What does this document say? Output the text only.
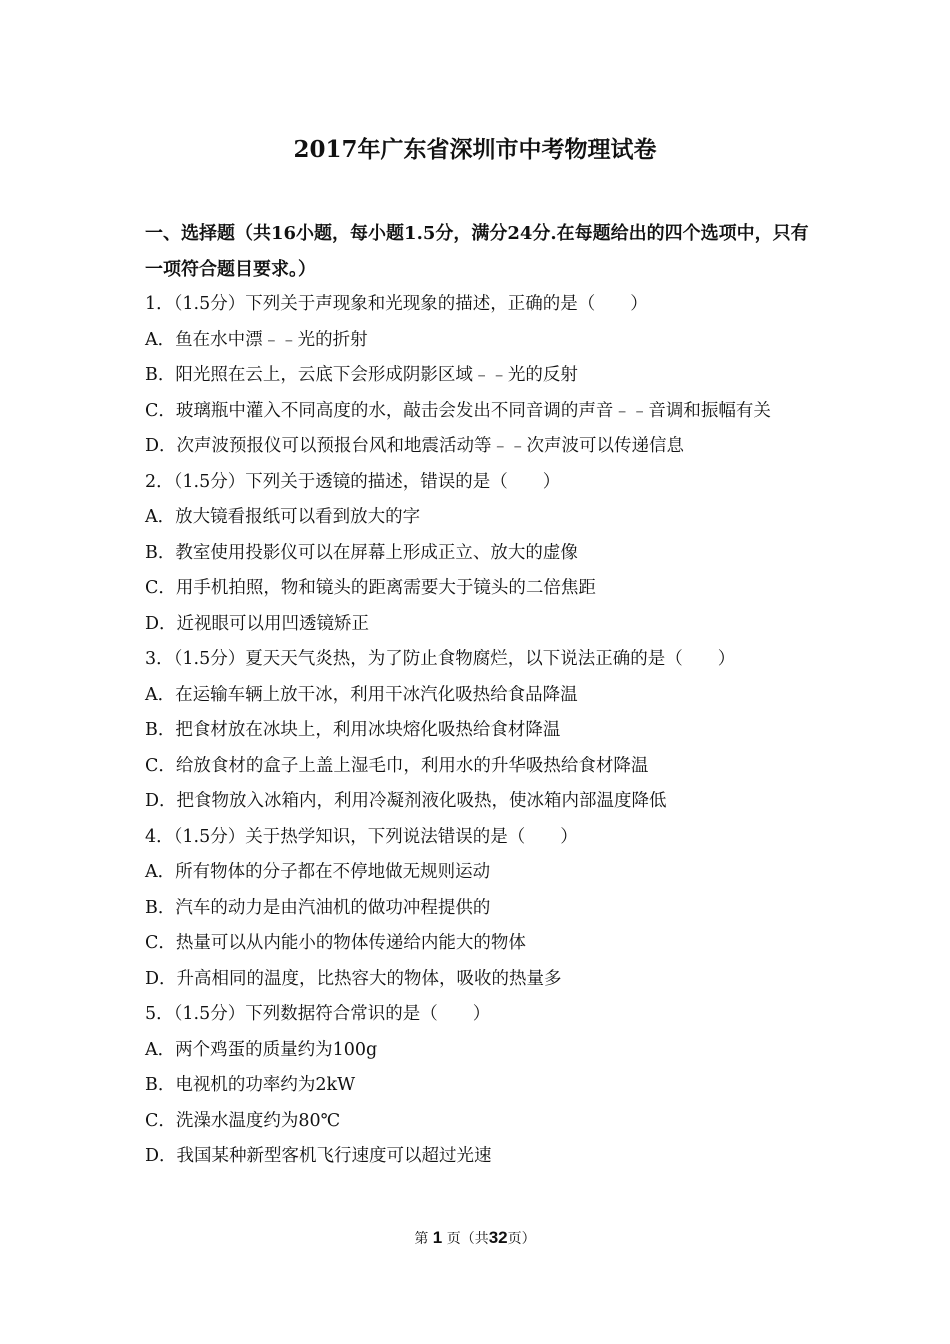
2017年广东省深圳市中考物理试卷
一、选择题（共16小题，每小题1.5分，满分24分.在每题给出的四个选项中，只有一项符合题目要求。）
1．（1.5分）下列关于声现象和光现象的描述，正确的是（　　）
A．鱼在水中漂﹣﹣光的折射
B．阳光照在云上，云底下会形成阴影区域﹣﹣光的反射
C．玻璃瓶中灌入不同高度的水，敲击会发出不同音调的声音﹣﹣音调和振幅有关
D．次声波预报仪可以预报台风和地震活动等﹣﹣次声波可以传递信息
2．（1.5分）下列关于透镜的描述，错误的是（　　）
A．放大镜看报纸可以看到放大的字
B．教室使用投影仪可以在屏幕上形成正立、放大的虚像
C．用手机拍照，物和镜头的距离需要大于镜头的二倍焦距
D．近视眼可以用凹透镜矫正
3．（1.5分）夏天天气炎热，为了防止食物腐烂，以下说法正确的是（　　）
A．在运输车辆上放干冰，利用干冰汽化吸热给食品降温
B．把食材放在冰块上，利用冰块熔化吸热给食材降温
C．给放食材的盒子上盖上湿毛巾，利用水的升华吸热给食材降温
D．把食物放入冰箱内，利用冷凝剂液化吸热，使冰箱内部温度降低
4．（1.5分）关于热学知识，下列说法错误的是（　　）
A．所有物体的分子都在不停地做无规则运动
B．汽车的动力是由汽油机的做功冲程提供的
C．热量可以从内能小的物体传递给内能大的物体
D．升高相同的温度，比热容大的物体，吸收的热量多
5．（1.5分）下列数据符合常识的是（　　）
A．两个鸡蛋的质量约为100g
B．电视机的功率约为2kW
C．洗澡水温度约为80℃
D．我国某种新型客机飞行速度可以超过光速
第 1 页（共32页）
